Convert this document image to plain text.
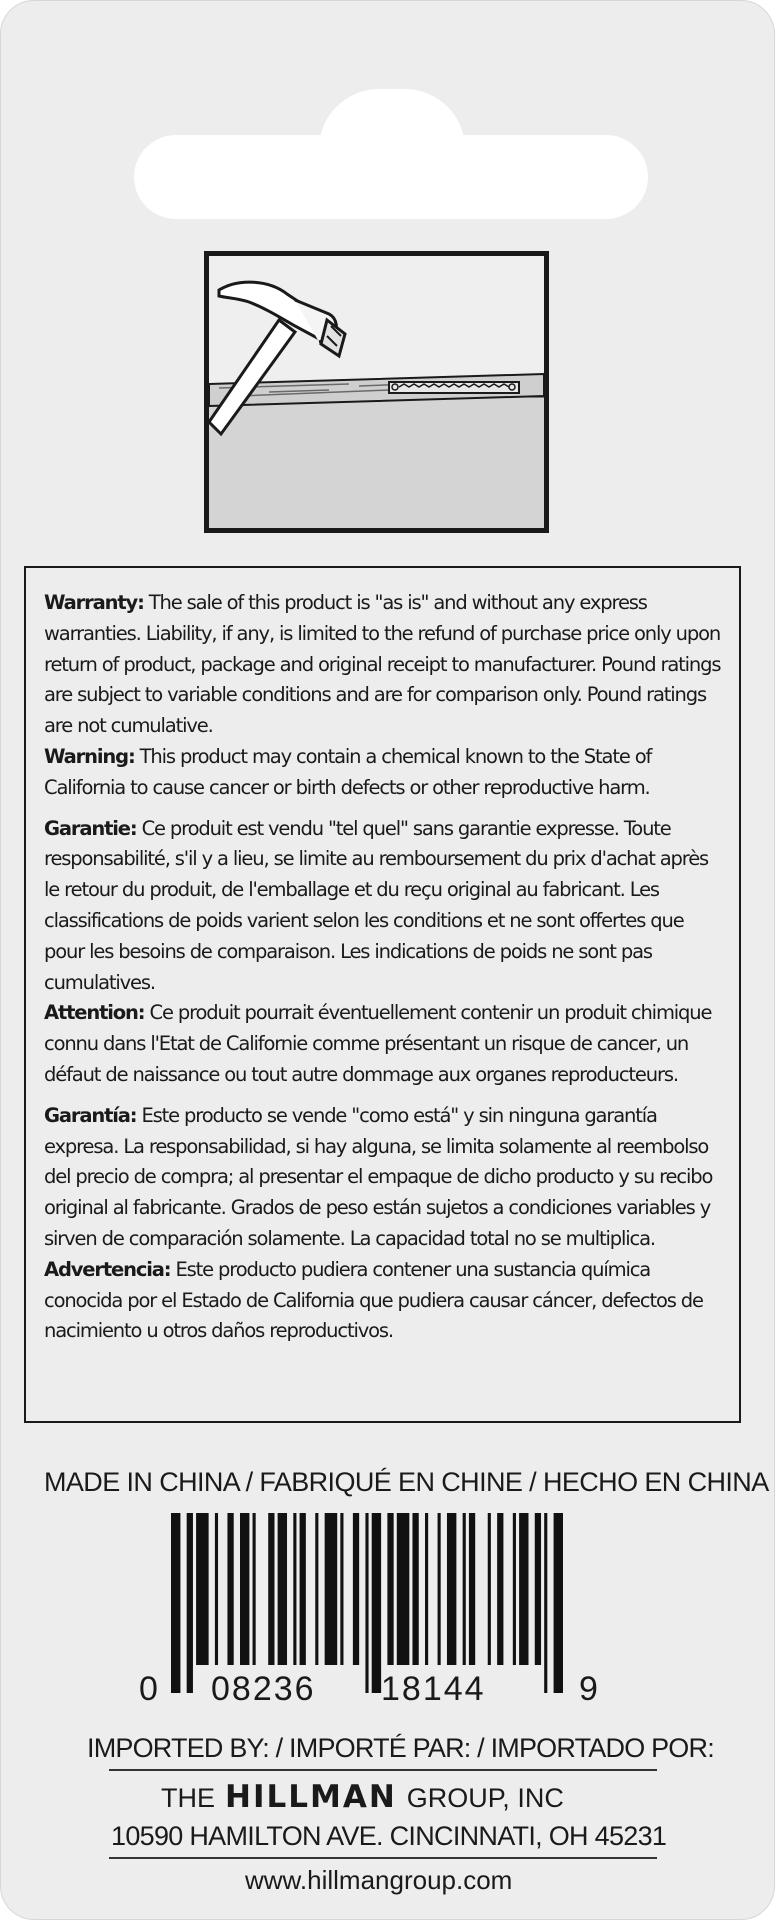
Warranty: The sale of this product is "as is" and without any express warranties. Liability, if any, is limited to the refund of purchase price only upon return of product, package and original receipt to manufacturer. Pound ratings are subject to variable conditions and are for comparison only. Pound ratings are not cumulative.

Warning: This product may contain a chemical known to the State of California to cause cancer or birth defects or other reproductive harm.

Garantie: Ce produit est vendu "tel quel" sans garantie expresse. Toute responsabilité, s'il y a lieu, se limite au remboursement du prix d'achat après le retour du produit, de l'emballage et du reçu original au fabricant. Les classifications de poids varient selon les conditions et ne sont offertes que pour les besoins de comparaison. Les indications de poids ne sont pas cumulatives.

Attention: Ce produit pourrait éventuellement contenir un produit chimique connu dans l'Etat de Californie comme présentant un risque de cancer, un défaut de naissance ou tout autre dommage aux organes reproducteurs.

Garantía: Este producto se vende "como está" y sin ninguna garantía expresa. La responsabilidad, si hay alguna, se limita solamente al reembolso del precio de compra; al presentar el empaque de dicho producto y su recibo original al fabricante. Grados de peso están sujetos a condiciones variables y sirven de comparación solamente. La capacidad total no se multiplica.

Advertencia: Este producto pudiera contener una sustancia química conocida por el Estado de California que pudiera causar cáncer, defectos de nacimiento u otros daños reproductivos.

MADE IN CHINA / FABRIQUÉ EN CHINE / HECHO EN CHINA
0 08236 18144	9
IMPORTED BY: / IMPORTÉ PAR: / IMPORTADO POR:
THE HILLMAN GROUP, INC
10590 HAMILTON AVE. CINCINNATI, OH 45231
www.hillmangroup.com
